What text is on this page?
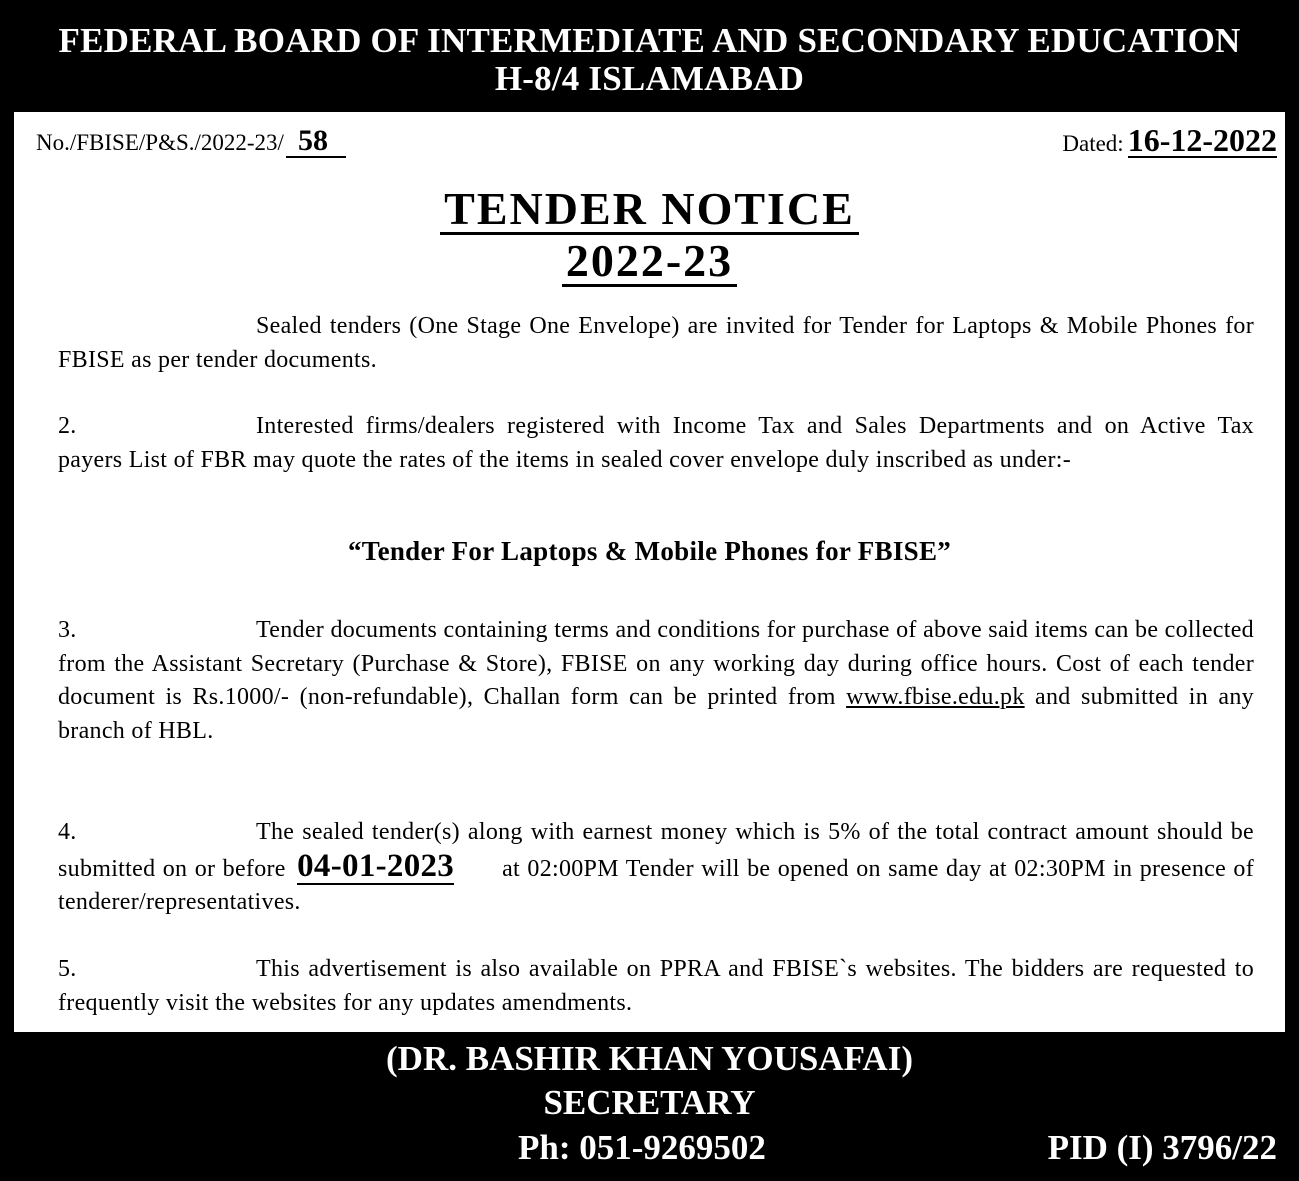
FEDERAL BOARD OF INTERMEDIATE AND SECONDARY EDUCATION
H-8/4 ISLAMABAD
No./FBISE/P&S./2022-23/ 58	Dated: 16-12-2022
TENDER NOTICE
2022-23
Sealed tenders (One Stage One Envelope) are invited for Tender for Laptops & Mobile Phones for FBISE as per tender documents.
2.	Interested firms/dealers registered with Income Tax and Sales Departments and on Active Tax payers List of FBR may quote the rates of the items in sealed cover envelope duly inscribed as under:-
“Tender For Laptops & Mobile Phones for FBISE”
3.	Tender documents containing terms and conditions for purchase of above said items can be collected from the Assistant Secretary (Purchase & Store), FBISE on any working day during office hours. Cost of each tender document is Rs.1000/- (non-refundable), Challan form can be printed from www.fbise.edu.pk and submitted in any branch of HBL.
4.	The sealed tender(s) along with earnest money which is 5% of the total contract amount should be submitted on or before 04-01-2023 at 02:00PM Tender will be opened on same day at 02:30PM in presence of tenderer/representatives.
5.	This advertisement is also available on PPRA and FBISE`s websites. The bidders are requested to frequently visit the websites for any updates amendments.
(DR. BASHIR KHAN YOUSAFAI)
SECRETARY
Ph: 051-9269502	PID (I) 3796/22
